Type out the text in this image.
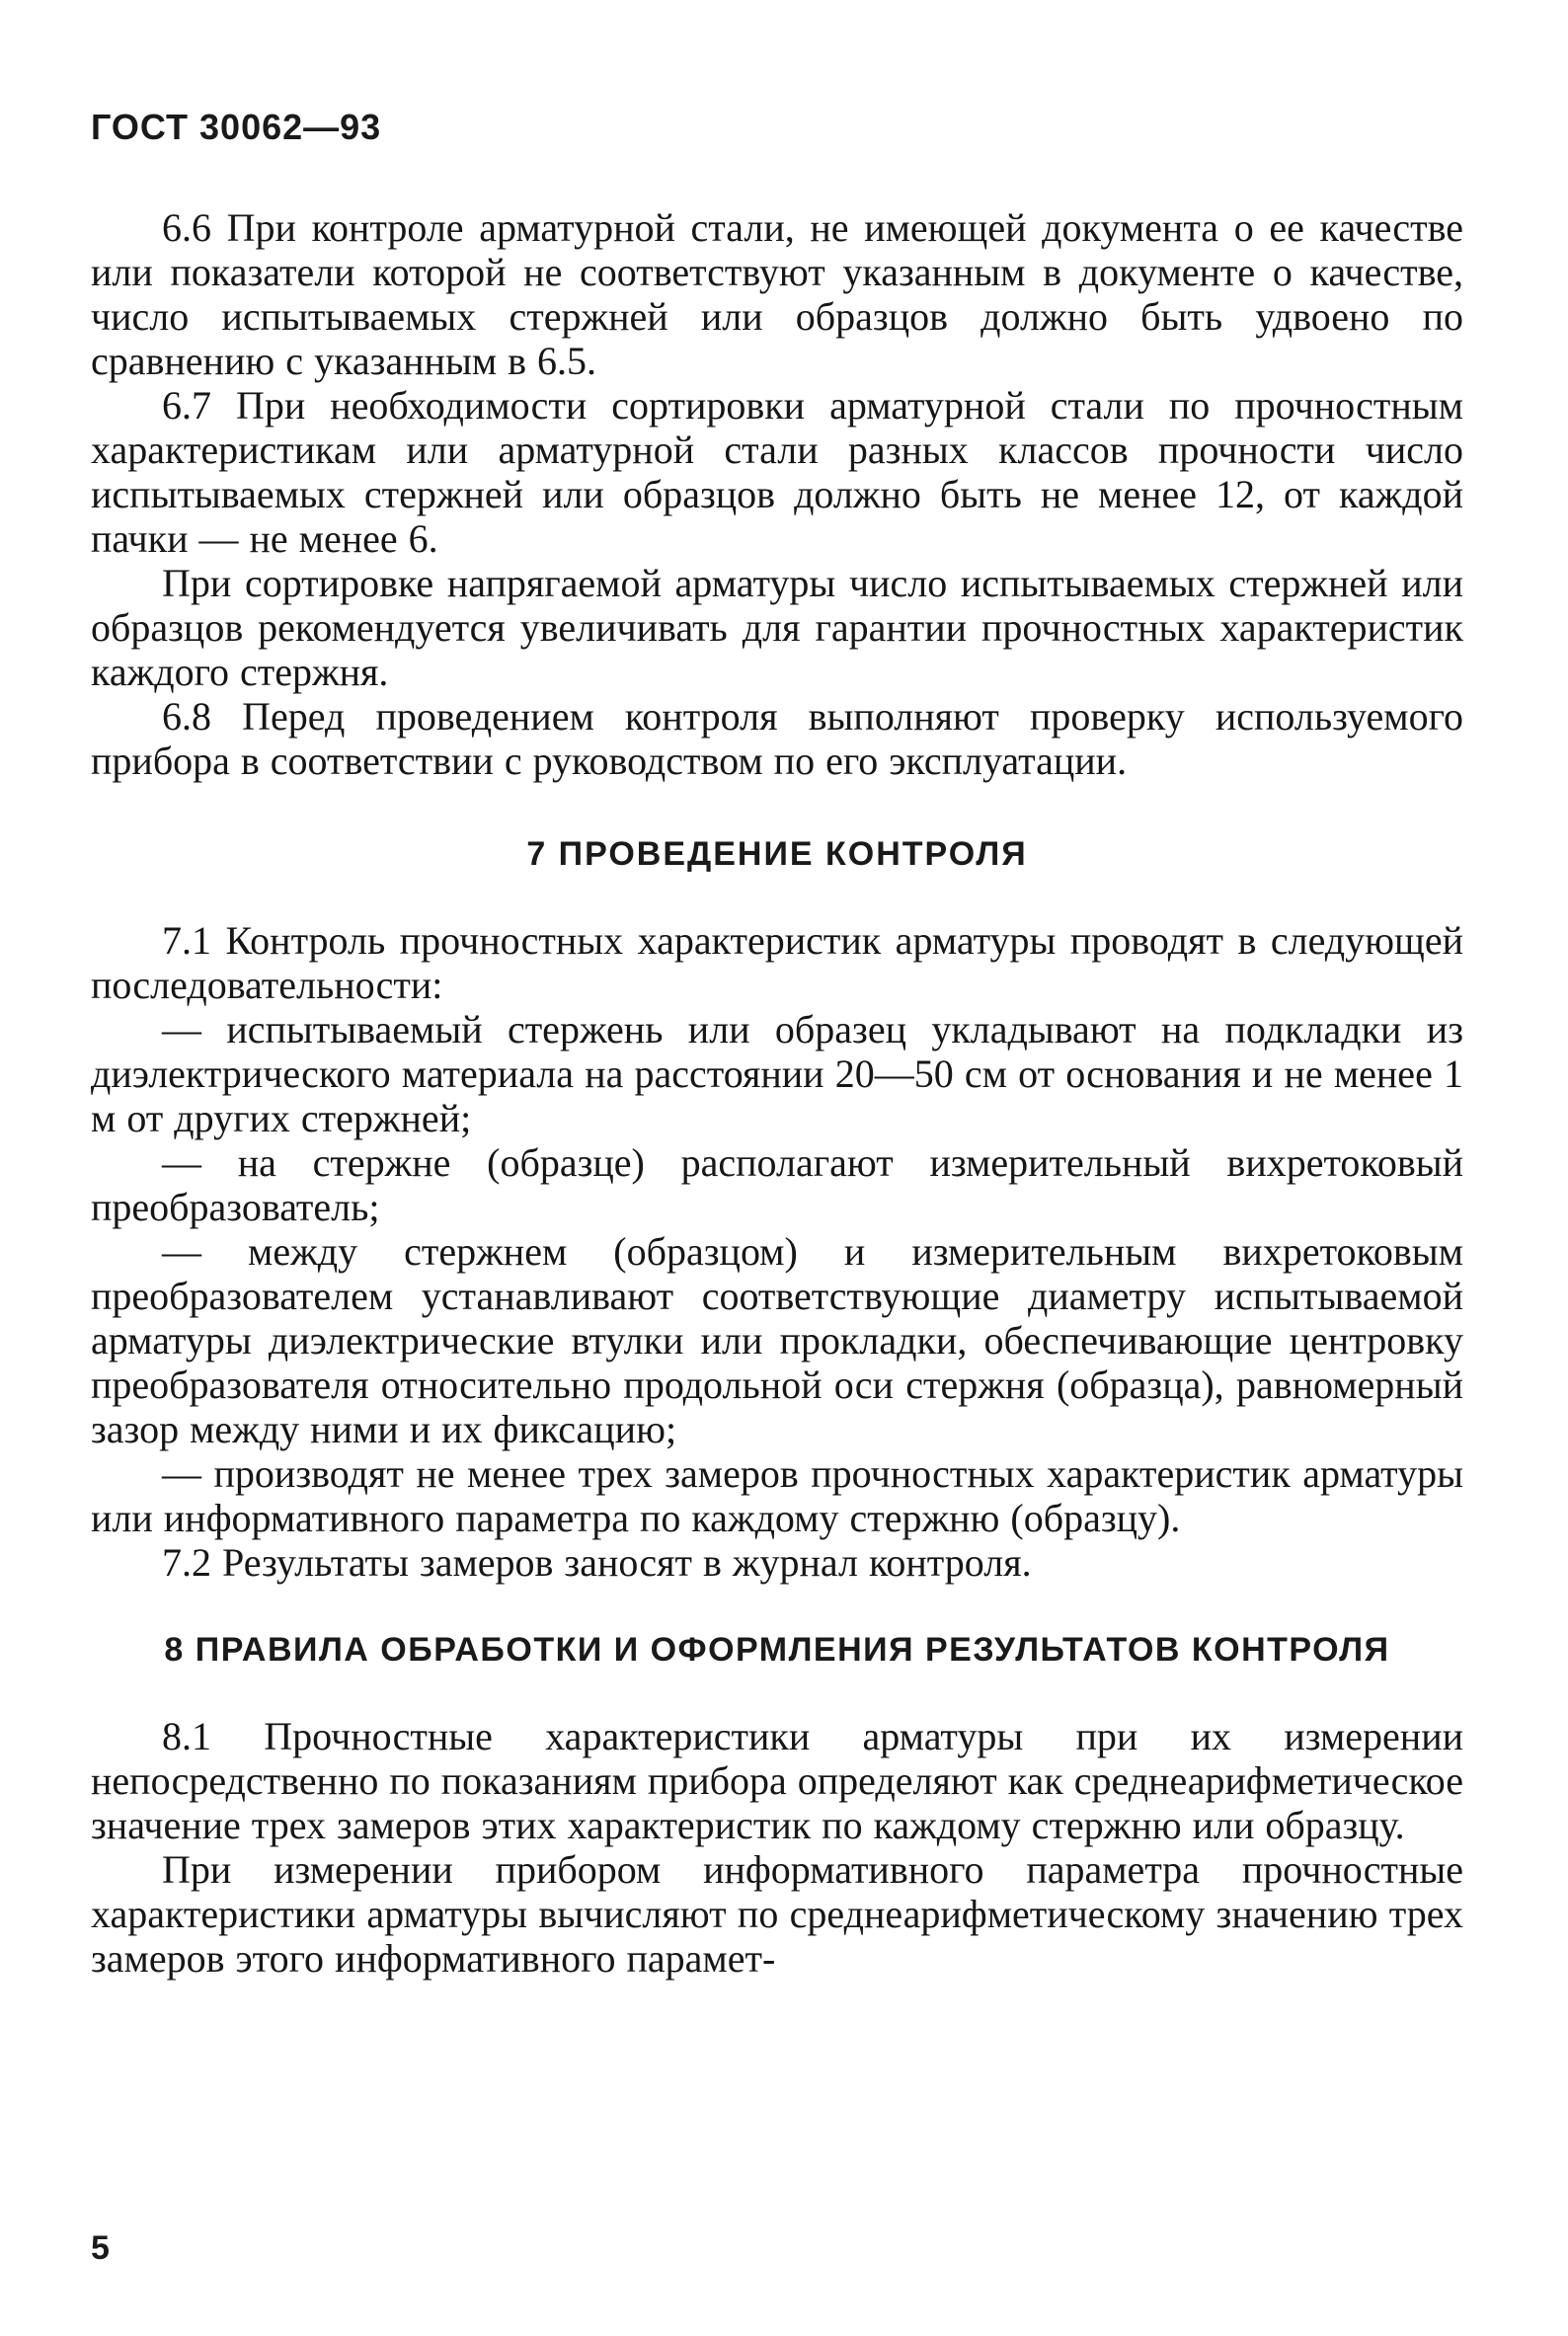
ГОСТ 30062—93

6.6 При контроле арматурной стали, не имеющей документа о ее качестве или показатели которой не соответствуют указанным в документе о качестве, число испытываемых стержней или образцов должно быть удвоено по сравнению с указанным в 6.5.

6.7 При необходимости сортировки арматурной стали по прочностным характеристикам или арматурной стали разных классов прочности число испытываемых стержней или образцов должно быть не менее 12, от каждой пачки — не менее 6.

При сортировке напрягаемой арматуры число испытываемых стержней или образцов рекомендуется увеличивать для гарантии прочностных характеристик каждого стержня.

6.8 Перед проведением контроля выполняют проверку используемого прибора в соответствии с руководством по его эксплуатации.

7 ПРОВЕДЕНИЕ КОНТРОЛЯ

7.1 Контроль прочностных характеристик арматуры проводят в следующей последовательности:

— испытываемый стержень или образец укладывают на подкладки из диэлектрического материала на расстоянии 20—50 см от основания и не менее 1 м от других стержней;

— на стержне (образце) располагают измерительный вихретоковый преобразователь;

— между стержнем (образцом) и измерительным вихретоковым преобразователем устанавливают соответствующие диаметру испытываемой арматуры диэлектрические втулки или прокладки, обеспечивающие центровку преобразователя относительно продольной оси стержня (образца), равномерный зазор между ними и их фиксацию;

— производят не менее трех замеров прочностных характеристик арматуры или информативного параметра по каждому стержню (образцу).

7.2 Результаты замеров заносят в журнал контроля.

8 ПРАВИЛА ОБРАБОТКИ И ОФОРМЛЕНИЯ РЕЗУЛЬТАТОВ КОНТРОЛЯ

8.1 Прочностные характеристики арматуры при их измерении непосредственно по показаниям прибора определяют как среднеарифметическое значение трех замеров этих характеристик по каждому стержню или образцу.

При измерении прибором информативного параметра прочностные характеристики арматуры вычисляют по среднеарифметическому значению трех замеров этого информативного парамет-

5
